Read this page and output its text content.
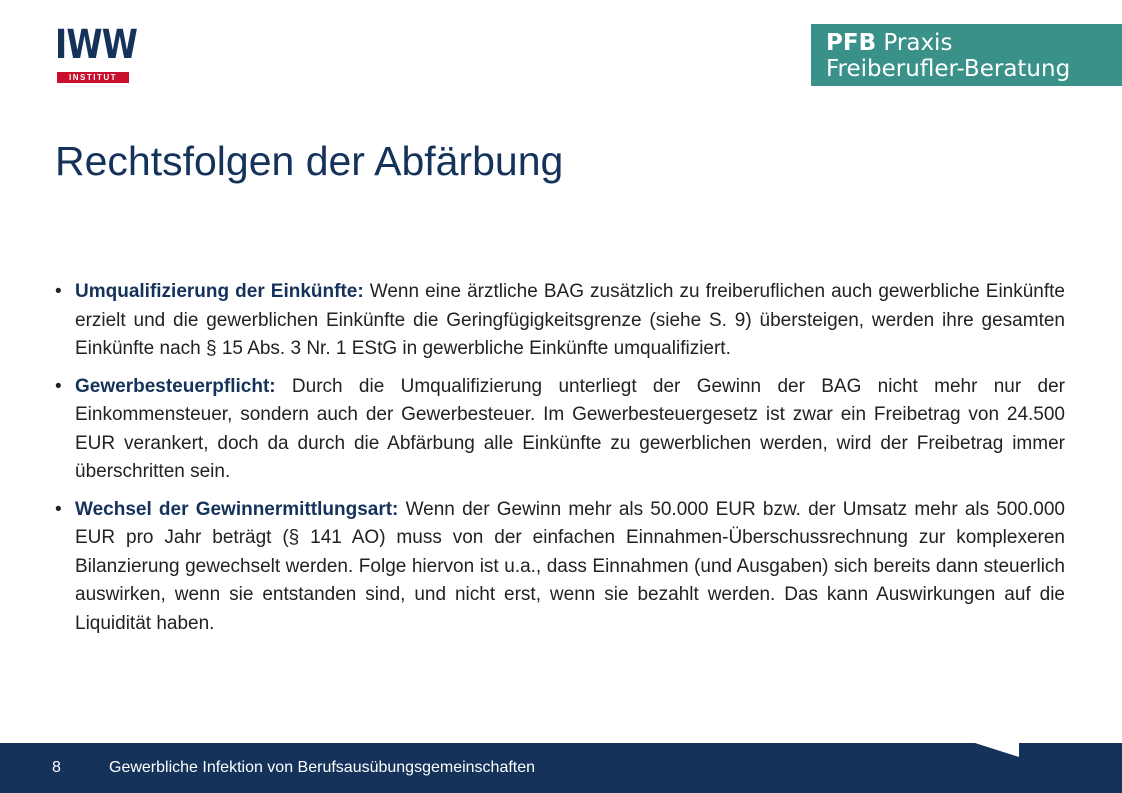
IWW
INSTITUT
PFB Praxis
Freiberufler-Beratung
Rechtsfolgen der Abfärbung
• Umqualifizierung der Einkünfte: Wenn eine ärztliche BAG zusätzlich zu freiberuflichen auch gewerbliche Einkünfte erzielt und die gewerblichen Einkünfte die Geringfügigkeitsgrenze (siehe S. 9) übersteigen, werden ihre gesamten Einkünfte nach § 15 Abs. 3 Nr. 1 EStG in gewerbliche Einkünfte umqualifiziert.
• Gewerbesteuerpflicht: Durch die Umqualifizierung unterliegt der Gewinn der BAG nicht mehr nur der Einkommensteuer, sondern auch der Gewerbesteuer. Im Gewerbesteuergesetz ist zwar ein Freibetrag von 24.500 EUR verankert, doch da durch die Abfärbung alle Einkünfte zu gewerblichen werden, wird der Freibetrag immer überschritten sein.
• Wechsel der Gewinnermittlungsart: Wenn der Gewinn mehr als 50.000 EUR bzw. der Umsatz mehr als 500.000 EUR pro Jahr beträgt (§ 141 AO) muss von der einfachen Einnahmen-Überschussrechnung zur komplexeren Bilanzierung gewechselt werden. Folge hiervon ist u.a., dass Einnahmen (und Ausgaben) sich bereits dann steuerlich auswirken, wenn sie entstanden sind, und nicht erst, wenn sie bezahlt werden. Das kann Auswirkungen auf die Liquidität haben.
8	Gewerbliche Infektion von Berufsausübungsgemeinschaften
